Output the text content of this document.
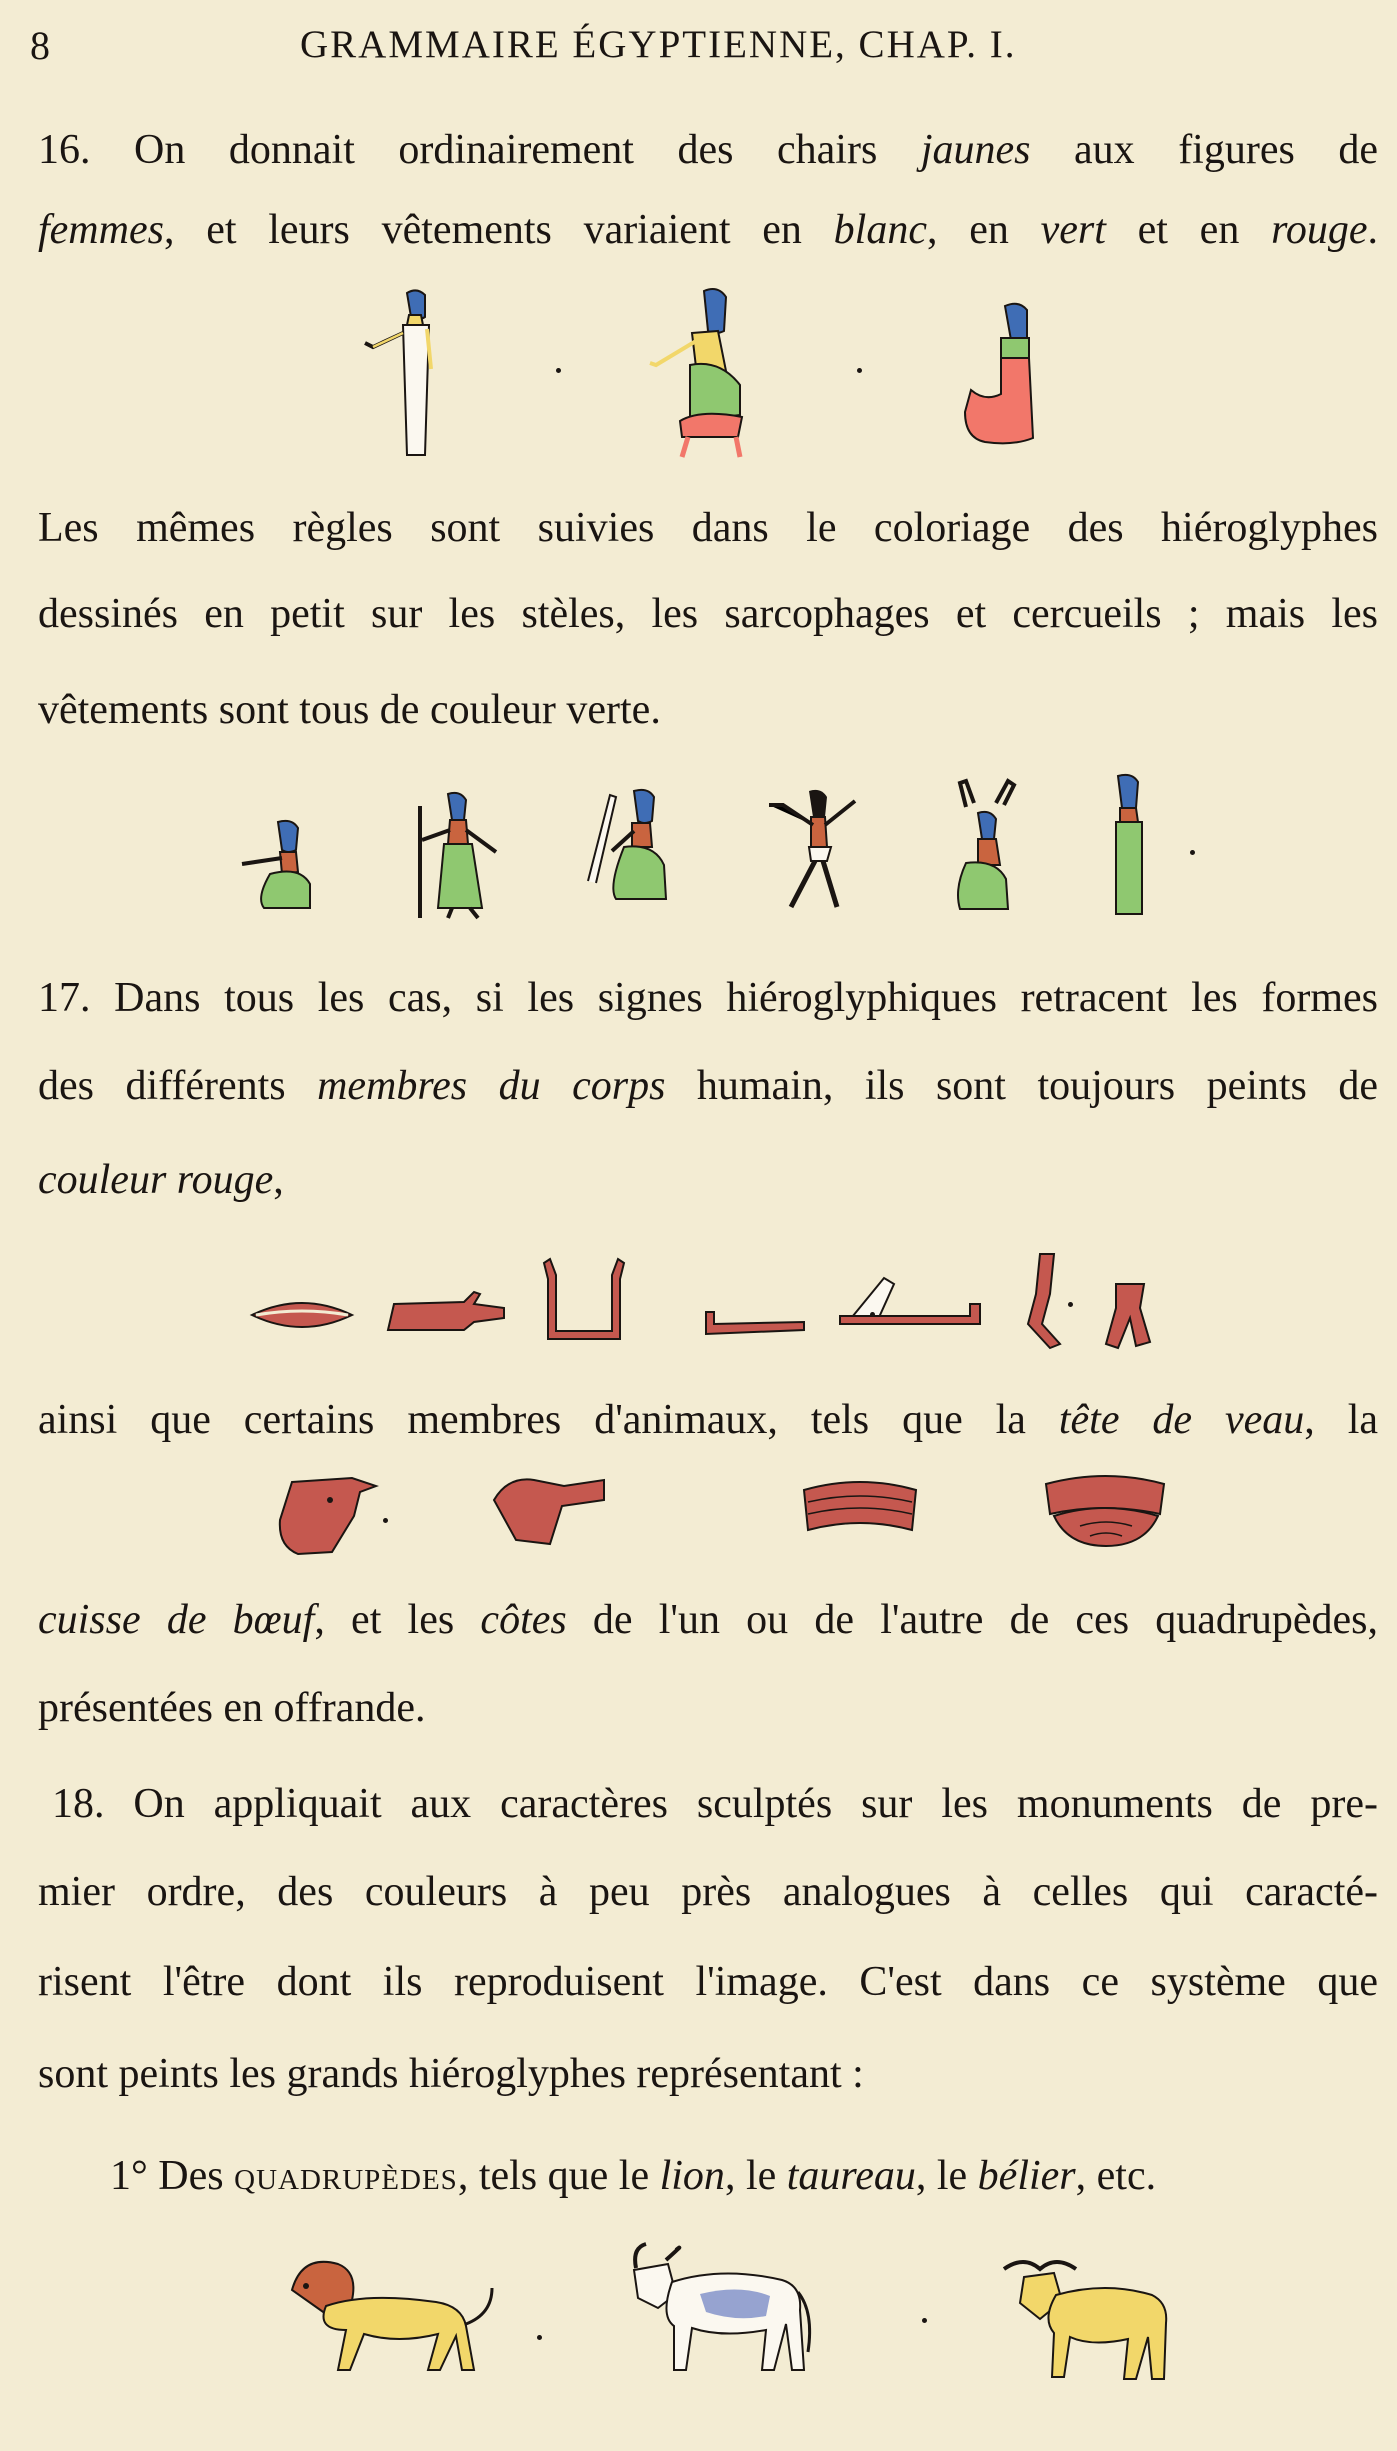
8	GRAMMAIRE ÉGYPTIENNE, CHAP. I.
16. On donnait ordinairement des chairs jaunes aux figures de
femmes, et leurs vêtements variaient en blanc, en vert et en rouge.
Les mêmes règles sont suivies dans le coloriage des hiéroglyphes
dessinés en petit sur les stèles, les sarcophages et cercueils ; mais les
vêtements sont tous de couleur verte.
17. Dans tous les cas, si les signes hiéroglyphiques retracent les formes
des différents membres du corps humain, ils sont toujours peints de
couleur rouge,
ainsi que certains membres d'animaux, tels que la tête de veau, la
cuisse de bœuf, et les côtes de l'un ou de l'autre de ces quadrupèdes,
présentées en offrande.
18. On appliquait aux caractères sculptés sur les monuments de pre-
mier ordre, des couleurs à peu près analogues à celles qui caracté-
risent l'être dont ils reproduisent l'image. C'est dans ce système que
sont peints les grands hiéroglyphes représentant :
1° Des quadrupèdes, tels que le lion, le taureau, le bélier, etc.
